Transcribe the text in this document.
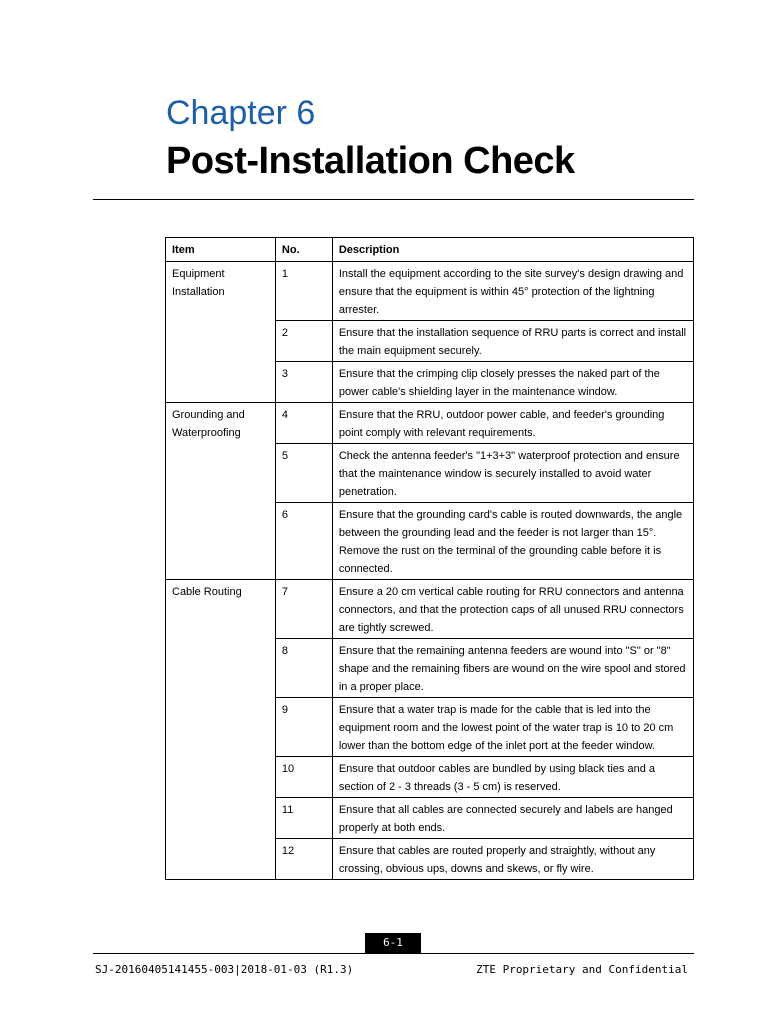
Chapter 6
Post-Installation Check
Item	No.	Description
Equipment Installation	1	Install the equipment according to the site survey's design drawing and ensure that the equipment is within 45° protection of the lightning arrester.
	2	Ensure that the installation sequence of RRU parts is correct and install the main equipment securely.
	3	Ensure that the crimping clip closely presses the naked part of the power cable's shielding layer in the maintenance window.
Grounding and Waterproofing	4	Ensure that the RRU, outdoor power cable, and feeder's grounding point comply with relevant requirements.
	5	Check the antenna feeder's "1+3+3" waterproof protection and ensure that the maintenance window is securely installed to avoid water penetration.
	6	Ensure that the grounding card's cable is routed downwards, the angle between the grounding lead and the feeder is not larger than 15°. Remove the rust on the terminal of the grounding cable before it is connected.
Cable Routing	7	Ensure a 20 cm vertical cable routing for RRU connectors and antenna connectors, and that the protection caps of all unused RRU connectors are tightly screwed.
	8	Ensure that the remaining antenna feeders are wound into "S" or "8" shape and the remaining fibers are wound on the wire spool and stored in a proper place.
	9	Ensure that a water trap is made for the cable that is led into the equipment room and the lowest point of the water trap is 10 to 20 cm lower than the bottom edge of the inlet port at the feeder window.
	10	Ensure that outdoor cables are bundled by using black ties and a section of 2 - 3 threads (3 - 5 cm) is reserved.
	11	Ensure that all cables are connected securely and labels are hanged properly at both ends.
	12	Ensure that cables are routed properly and straightly, without any crossing, obvious ups, downs and skews, or fly wire.
6-1
SJ-20160405141455-003|2018-01-03 (R1.3)	ZTE Proprietary and Confidential
